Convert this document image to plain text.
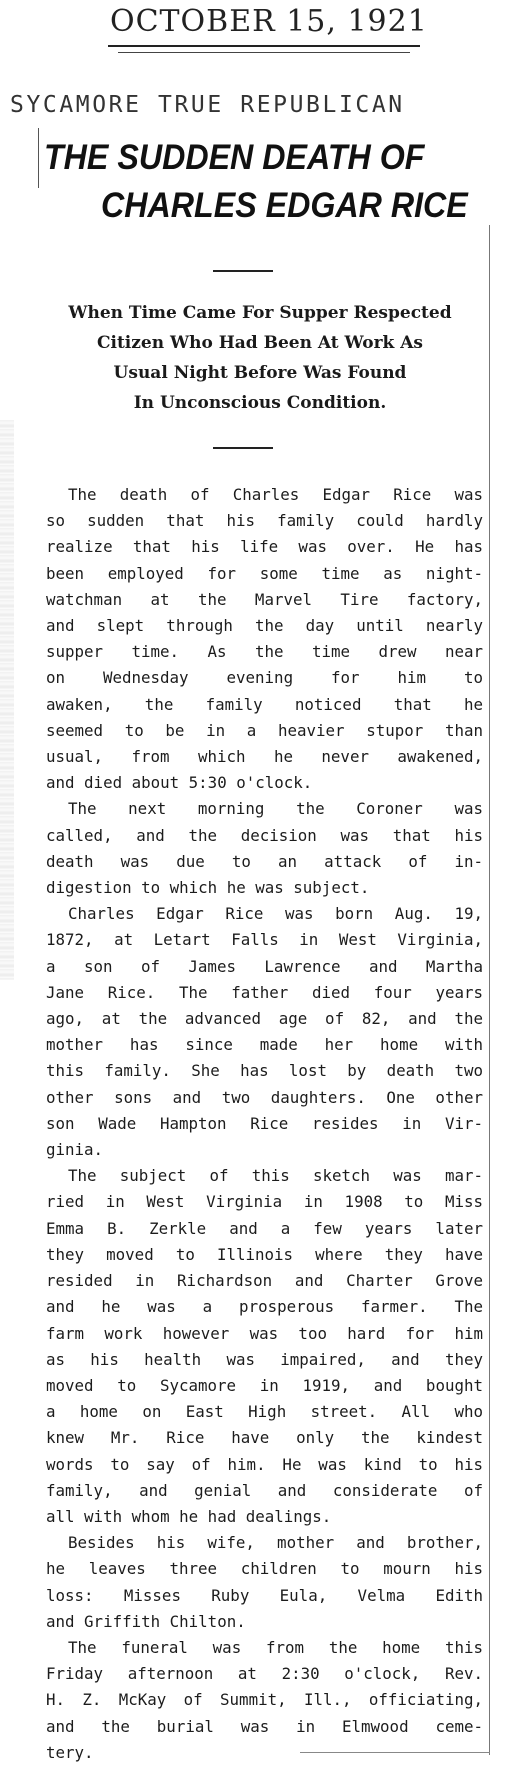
OCTOBER 15, 1921
SYCAMORE TRUE REPUBLICAN
THE SUDDEN DEATH OF
CHARLES EDGAR RICE
When Time Came For Supper Respected
Citizen Who Had Been At Work As
Usual Night Before Was Found
In Unconscious Condition.
The death of Charles Edgar Rice was
so sudden that his family could hardly
realize that his life was over. He has
been employed for some time as night-
watchman at the Marvel Tire factory,
and slept through the day until nearly
supper time. As the time drew near
on Wednesday evening for him to
awaken, the family noticed that he
seemed to be in a heavier stupor than
usual, from which he never awakened,
and died about 5:30 o'clock.
The next morning the Coroner was
called, and the decision was that his
death was due to an attack of in-
digestion to which he was subject.
Charles Edgar Rice was born Aug. 19,
1872, at Letart Falls in West Virginia,
a son of James Lawrence and Martha
Jane Rice. The father died four years
ago, at the advanced age of 82, and the
mother has since made her home with
this family. She has lost by death two
other sons and two daughters. One other
son Wade Hampton Rice resides in Vir-
ginia.
The subject of this sketch was mar-
ried in West Virginia in 1908 to Miss
Emma B. Zerkle and a few years later
they moved to Illinois where they have
resided in Richardson and Charter Grove
and he was a prosperous farmer. The
farm work however was too hard for him
as his health was impaired, and they
moved to Sycamore in 1919, and bought
a home on East High street. All who
knew Mr. Rice have only the kindest
words to say of him. He was kind to his
family, and genial and considerate of
all with whom he had dealings.
Besides his wife, mother and brother,
he leaves three children to mourn his
loss: Misses Ruby Eula, Velma Edith
and Griffith Chilton.
The funeral was from the home this
Friday afternoon at 2:30 o'clock, Rev.
H. Z. McKay of Summit, Ill., officiating,
and the burial was in Elmwood ceme-
tery.
